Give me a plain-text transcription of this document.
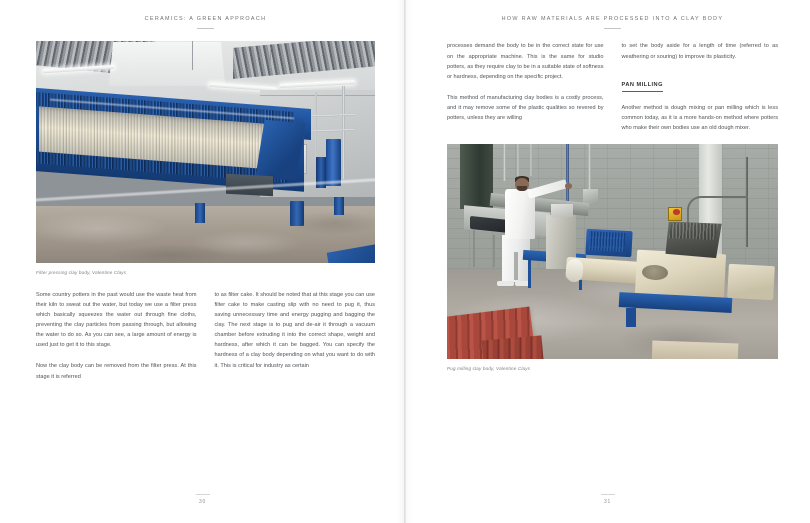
CERAMICS: A GREEN APPROACH
Filter pressing clay body, Valentine Clays

Some country potters in the past would use the waste heat from their kiln to sweat out the water, but today we use a filter press which basically squeezes the water out through fine cloths, preventing the clay particles from passing through, but allowing the water to do so. As you can see, a large amount of energy is used just to get it to this stage.

Now the clay body can be removed from the filter press. At this stage it is referred

to as filter cake. It should be noted that at this stage you can use filter cake to make casting slip with no need to pug it, thus saving unnecessary time and energy pugging and bagging the clay. The next stage is to pug and de-air it through a vacuum chamber before extruding it into the correct shape, weight and hardness, after which it can be bagged. You can specify the hardness of a clay body depending on what you want to do with it. This is critical for industry as certain

30
HOW RAW MATERIALS ARE PROCESSED INTO A CLAY BODY

processes demand the body to be in the correct state for use on the appropriate machine. This is the same for studio potters, as they require clay to be in a suitable state of softness or hardness, depending on the specific project.

This method of manufacturing clay bodies is a costly process, and it may remove some of the plastic qualities so revered by potters, unless they are willing

to set the body aside for a length of time (referred to as weathering or souring) to improve its plasticity.

PAN MILLING

Another method is dough mixing or pan milling which is less common today, as it is a more hands-on method where potters who make their own bodies use an old dough mixer.

Pug milling clay body, Valentine Clays
31
